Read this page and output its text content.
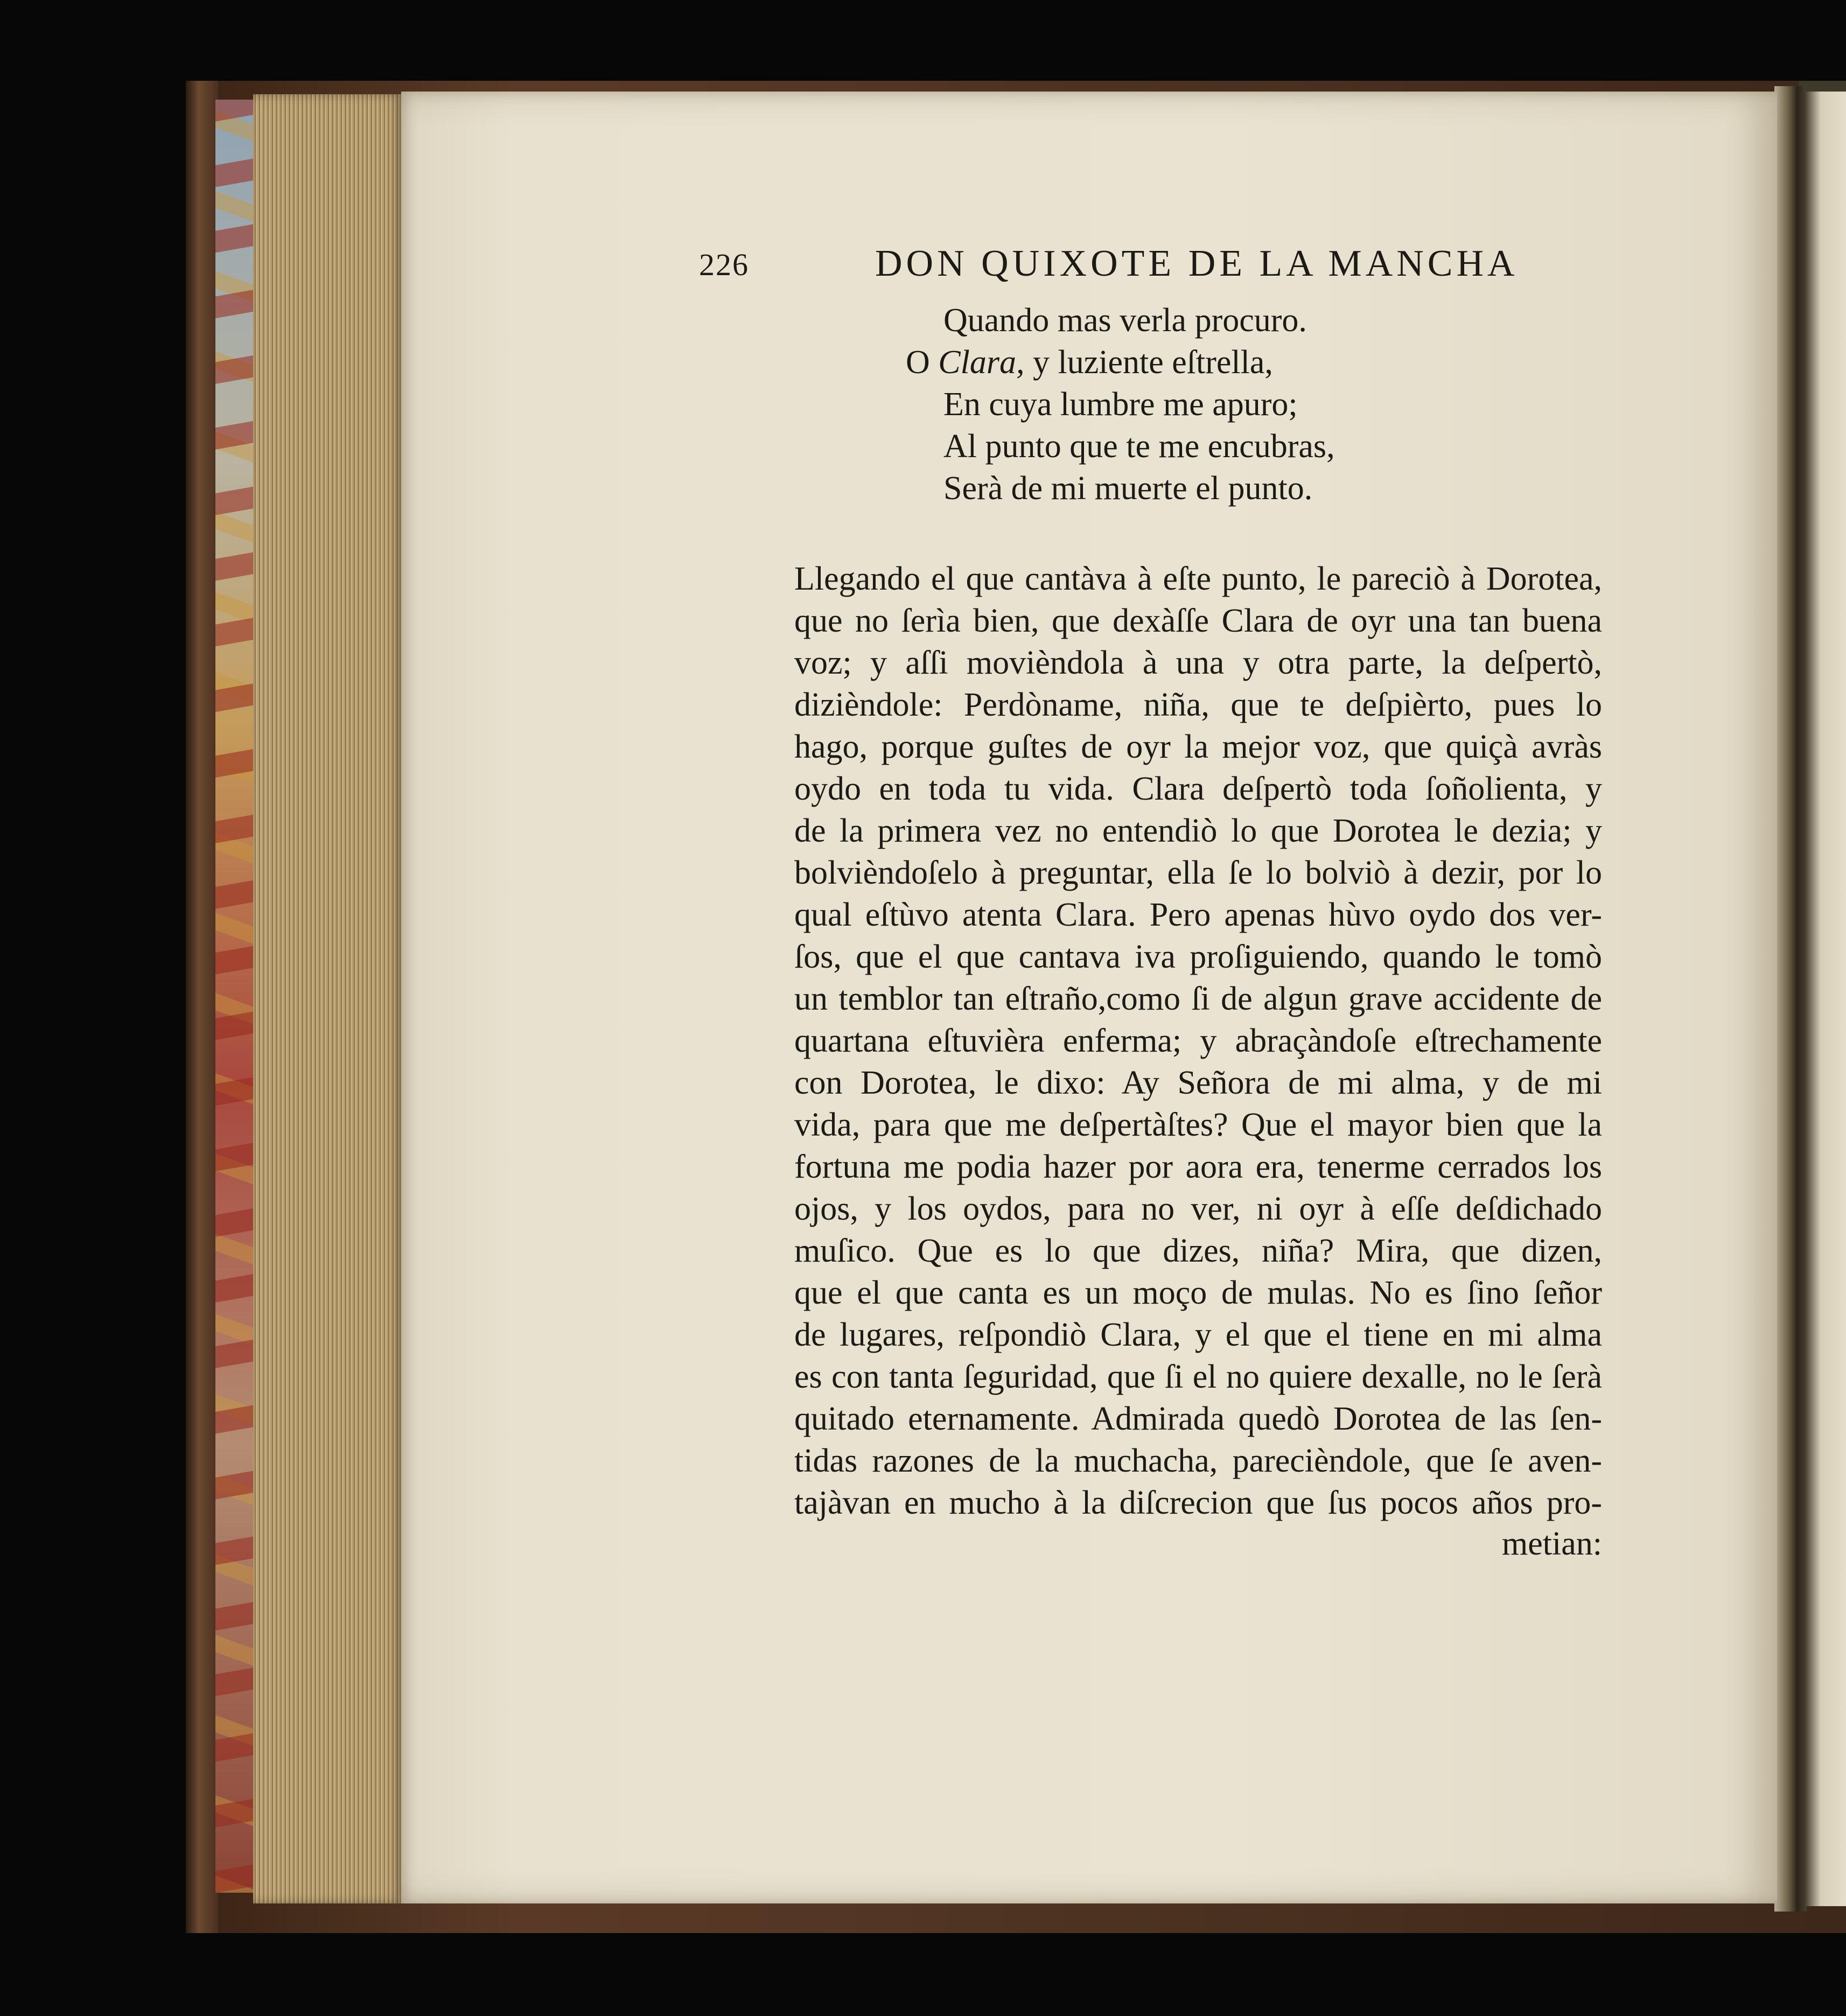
226	DON QUIXOTE DE LA MANCHA
Quando mas verla procuro.
O Clara, y luziente eſtrella,
En cuya lumbre me apuro;
Al punto que te me encubras,
Serà de mi muerte el punto.
Llegando el que cantàva à eſte punto, le pareciò à Dorotea,
que no ſerìa bien, que dexàſſe Clara de oyr una tan buena
voz; y aſſi movièndola à una y otra parte, la deſpertò,
dizièndole: Perdòname, niña, que te deſpièrto, pues lo
hago, porque guſtes de oyr la mejor voz, que quiçà avràs
oydo en toda tu vida. Clara deſpertò toda ſoñolienta, y
de la primera vez no entendiò lo que Dorotea le dezia; y
bolvièndoſelo à preguntar, ella ſe lo bolviò à dezir, por lo
qual eſtùvo atenta Clara. Pero apenas hùvo oydo dos ver-
ſos, que el que cantava iva proſiguiendo, quando le tomò
un temblor tan eſtraño,como ſi de algun grave accidente de
quartana eſtuvièra enferma; y abraçàndoſe eſtrechamente
con Dorotea, le dixo: Ay Señora de mi alma, y de mi
vida, para que me deſpertàſtes? Que el mayor bien que la
fortuna me podia hazer por aora era, tenerme cerrados los
ojos, y los oydos, para no ver, ni oyr à eſſe deſdichado
muſico. Que es lo que dizes, niña? Mira, que dizen,
que el que canta es un moço de mulas. No es ſino ſeñor
de lugares, reſpondiò Clara, y el que el tiene en mi alma
es con tanta ſeguridad, que ſi el no quiere dexalle, no le ſerà
quitado eternamente. Admirada quedò Dorotea de las ſen-
tidas razones de la muchacha, parecièndole, que ſe aven-
tajàvan en mucho à la diſcrecion que ſus pocos años pro-
metian:
